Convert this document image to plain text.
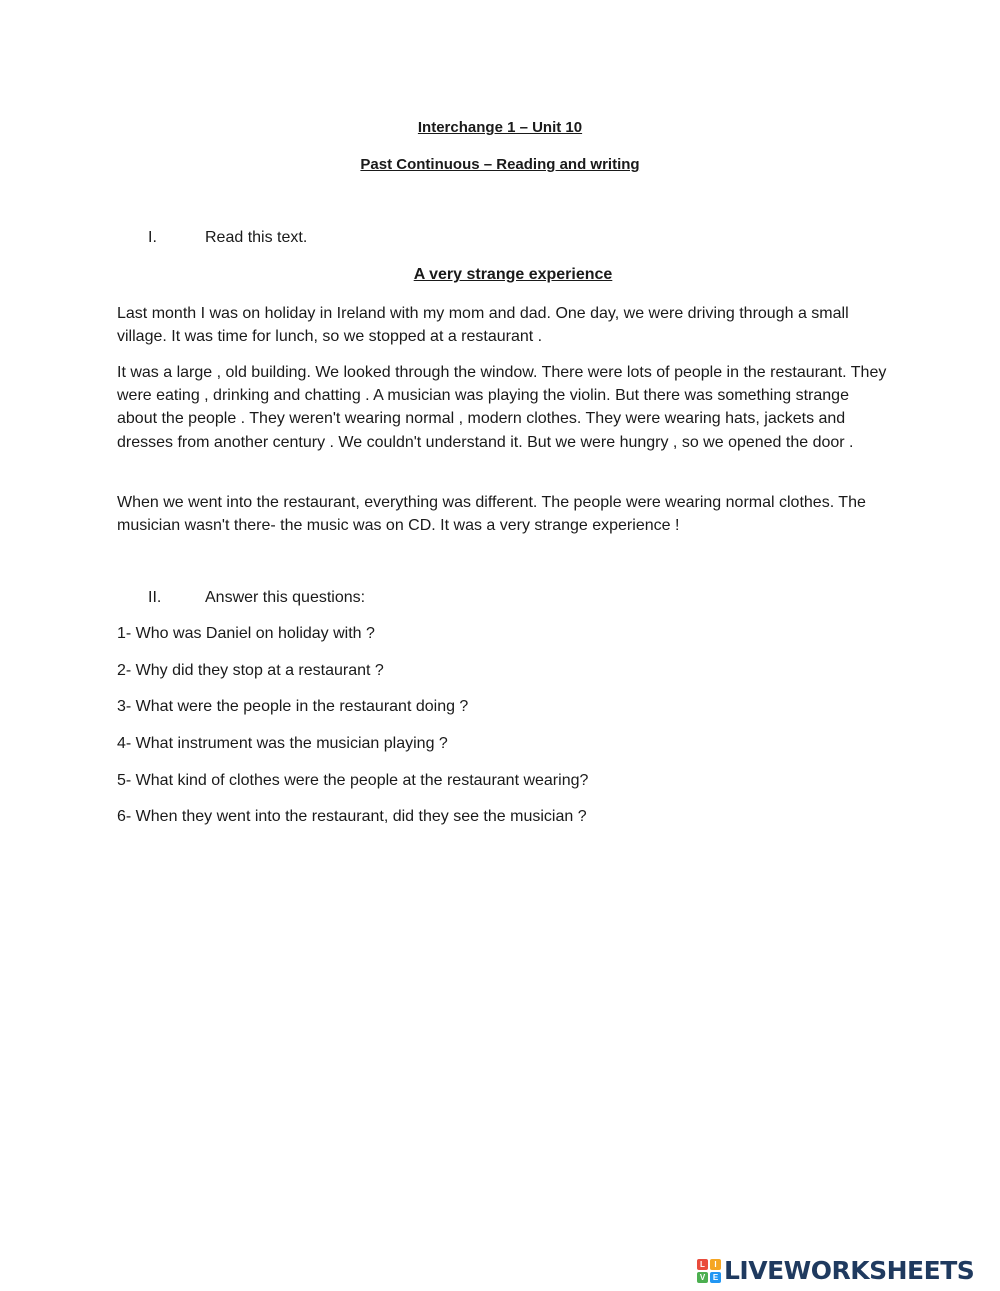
Interchange 1 – Unit 10
Past Continuous – Reading and writing
I.	Read this text.
A very strange experience

Last month I was on holiday in Ireland with my mom and dad. One day, we were driving through a small village. It was time for lunch, so we stopped at a restaurant .

It was a large , old building. We looked through the window. There were lots of people in the restaurant. They were eating , drinking and chatting . A musician was playing the violin. But there was something strange about the people . They weren't wearing normal , modern clothes. They were wearing hats, jackets and dresses from another century . We couldn't understand it. But we were hungry , so we opened the door .

When we went into the restaurant, everything was different. The people were wearing normal clothes. The musician wasn't there- the music was on CD. It was a very strange experience !

II.	Answer this questions:

1- Who was Daniel on holiday with ?

2- Why did they stop at a restaurant ?

3- What were the people in the restaurant doing ?

4- What instrument was the musician playing ?

5- What kind of clothes were the people at the restaurant wearing?

6- When they went into the restaurant, did they see the musician ?

L	I
V E LIVEWORKSHEETS
